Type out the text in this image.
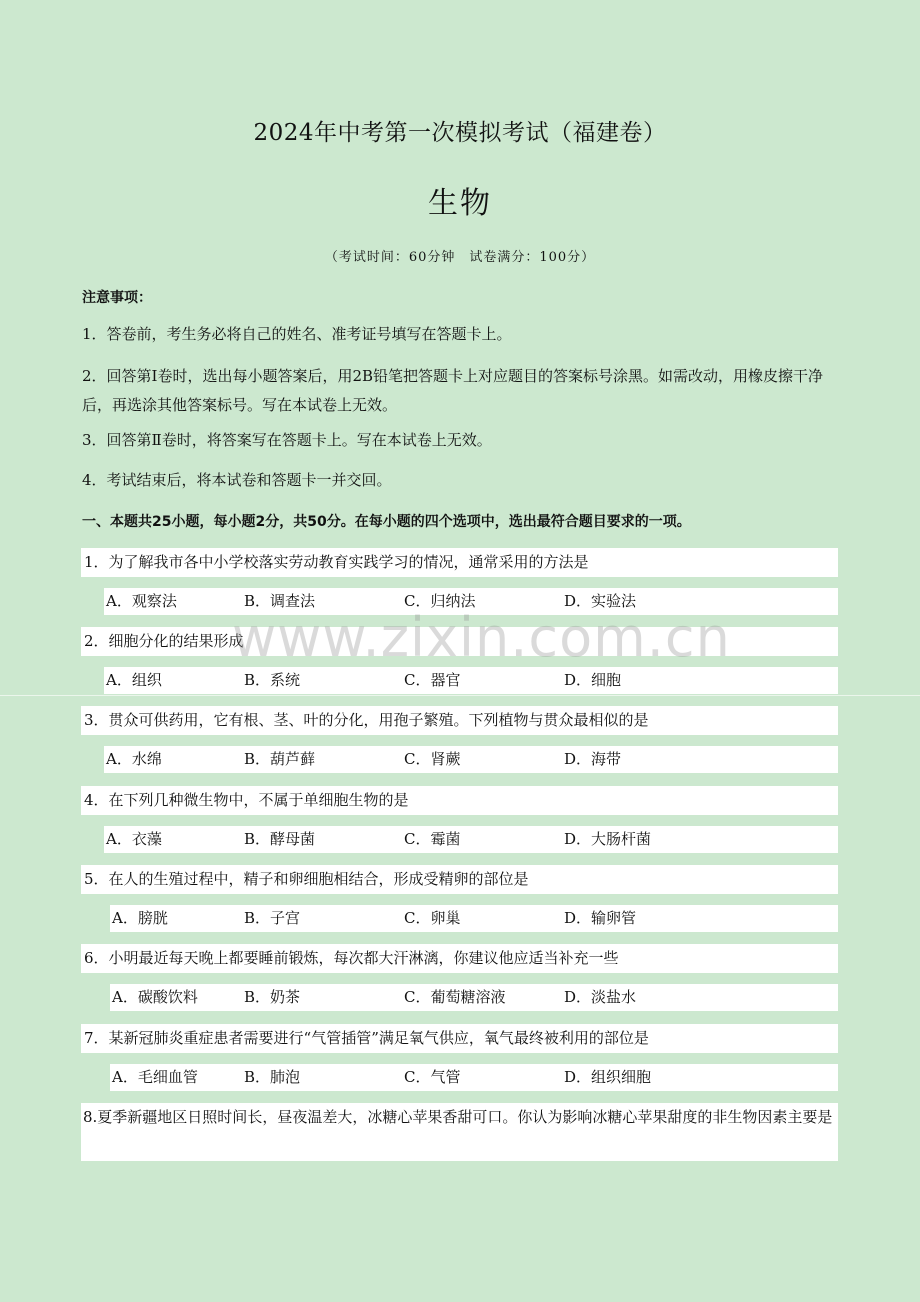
2024年中考第一次模拟考试（福建卷）
生物
（考试时间：60分钟　试卷满分：100分）
注意事项：
1．答卷前，考生务必将自己的姓名、准考证号填写在答题卡上。
2．回答第Ⅰ卷时，选出每小题答案后，用2B铅笔把答题卡上对应题目的答案标号涂黑。如需改动，用橡皮擦干净后，再选涂其他答案标号。写在本试卷上无效。
3．回答第Ⅱ卷时，将答案写在答题卡上。写在本试卷上无效。
4．考试结束后，将本试卷和答题卡一并交回。
一、本题共25小题，每小题2分，共50分。在每小题的四个选项中，选出最符合题目要求的一项。
1．为了解我市各中小学校落实劳动教育实践学习的情况，通常采用的方法是
A．观察法	B．调查法	C．归纳法	D．实验法
2．细胞分化的结果形成
A．组织	B．系统	C．器官	D．细胞
3．贯众可供药用，它有根、茎、叶的分化，用孢子繁殖。下列植物与贯众最相似的是
A．水绵	B．葫芦藓	C．肾蕨	D．海带
4．在下列几种微生物中，不属于单细胞生物的是
A．衣藻	B．酵母菌	C．霉菌	D．大肠杆菌
5．在人的生殖过程中，精子和卵细胞相结合，形成受精卵的部位是
A．膀胱	B．子宫	C．卵巢	D．输卵管
6．小明最近每天晚上都要睡前锻炼，每次都大汗淋漓，你建议他应适当补充一些
A．碳酸饮料	B．奶茶	C．葡萄糖溶液	D．淡盐水
7．某新冠肺炎重症患者需要进行“气管插管”满足氧气供应，氧气最终被利用的部位是
A．毛细血管	B．肺泡	C．气管	D．组织细胞
8.夏季新疆地区日照时间长，昼夜温差大，冰糖心苹果香甜可口。你认为影响冰糖心苹果甜度的非生物因素主要是
www.zixin.com.cn
